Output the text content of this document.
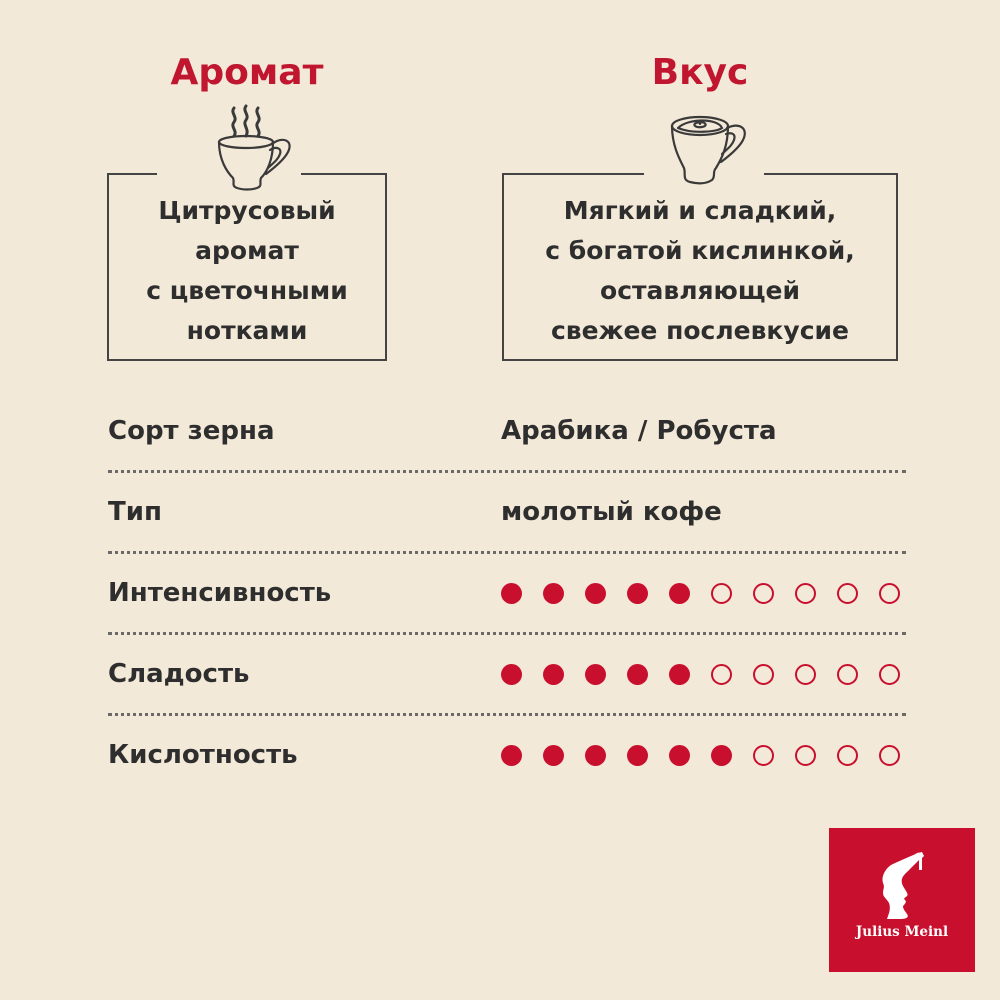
Аромат	Вкус
Цитрусовый
аромат
с цветочными
нотками
Мягкий и сладкий,
с богатой кислинкой,
оставляющей
свежее послевкусие
Сорт зерна	Арабика / Робуста
Тип	молотый кофе
Интенсивность
Сладость
Кислотность
Julius Meinl
